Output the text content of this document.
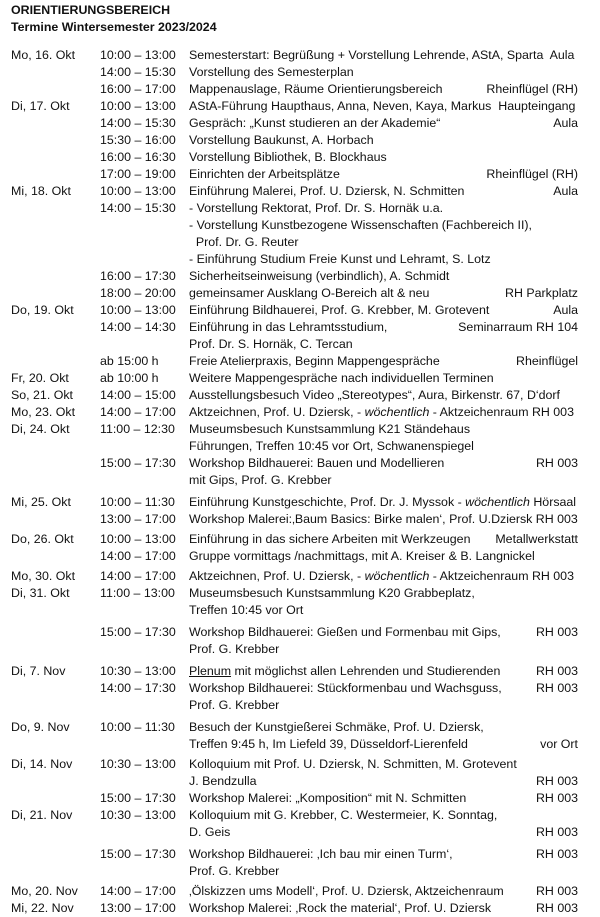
ORIENTIERUNGSBEREICH
Termine Wintersemester 2023/2024
Mo, 16. Okt	10:00 – 13:00	Semesterstart: Begrüßung + Vorstellung Lehrende, AStA, Sparta  Aula
14:00 – 15:30	Vorstellung des Semesterplan
16:00 – 17:00	Mappenauslage, Räume Orientierungsbereich	Rheinflügel (RH)
Di, 17. Okt	10:00 – 13:00	AStA-Führung Haupthaus, Anna, Neven, Kaya, Markus  Haupteingang
14:00 – 15:30	Gespräch: „Kunst studieren an der Akademie“	Aula
15:30 – 16:00	Vorstellung Baukunst, A. Horbach
16:00 – 16:30	Vorstellung Bibliothek, B. Blockhaus
17:00 – 19:00	Einrichten der Arbeitsplätze	Rheinflügel (RH)
Mi, 18. Okt	10:00 – 13:00	Einführung Malerei, Prof. U. Dziersk, N. Schmitten	Aula
14:00 – 15:30	- Vorstellung Rektorat, Prof. Dr. S. Hornäk u.a.
- Vorstellung Kunstbezogene Wissenschaften (Fachbereich II),
Prof. Dr. G. Reuter
- Einführung Studium Freie Kunst und Lehramt, S. Lotz
16:00 – 17:30	Sicherheitseinweisung (verbindlich), A. Schmidt
18:00 – 20:00	gemeinsamer Ausklang O-Bereich alt & neu	RH Parkplatz
Do, 19. Okt	10:00 – 13:00	Einführung Bildhauerei, Prof. G. Krebber, M. Grotevent	Aula
14:00 – 14:30	Einführung in das Lehramtsstudium,	Seminarraum RH 104
Prof. Dr. S. Hornäk, C. Tercan
ab 15:00 h	Freie Atelierpraxis, Beginn Mappengespräche	Rheinflügel
Fr, 20. Okt	ab 10:00 h	Weitere Mappengespräche nach individuellen Terminen
So, 21. Okt	14:00 – 15:00	Ausstellungsbesuch Video „Stereotypes“, Aura, Birkenstr. 67, D‘dorf
Mo, 23. Okt	14:00 – 17:00	Aktzeichnen, Prof. U. Dziersk, - wöchentlich - Aktzeichenraum RH 003
Di, 24. Okt	11:00 – 12:30	Museumsbesuch Kunstsammlung K21 Ständehaus
Führungen, Treffen 10:45 vor Ort, Schwanenspiegel
15:00 – 17:30	Workshop Bildhauerei: Bauen und Modellieren	RH 003
mit Gips, Prof. G. Krebber
Mi, 25. Okt	10:00 – 11:30	Einführung Kunstgeschichte, Prof. Dr. J. Myssok - wöchentlich Hörsaal
13:00 – 17:00	Workshop Malerei:‚Baum Basics: Birke malen‘, Prof. U.Dziersk RH 003
Do, 26. Okt	10:00 – 13:00	Einführung in das sichere Arbeiten mit Werkzeugen	Metallwerkstatt
14:00 – 17:00	Gruppe vormittags /nachmittags, mit A. Kreiser & B. Langnickel
Mo, 30. Okt	14:00 – 17:00	Aktzeichnen, Prof. U. Dziersk, - wöchentlich - Aktzeichenraum RH 003
Di, 31. Okt	11:00 – 13:00	Museumsbesuch Kunstsammlung K20 Grabbeplatz,
Treffen 10:45 vor Ort
15:00 – 17:30	Workshop Bildhauerei: Gießen und Formenbau mit Gips,	RH 003
Prof. G. Krebber
Di, 7. Nov	10:30 – 13:00	Plenum mit möglichst allen Lehrenden und Studierenden	RH 003
14:00 – 17:30	Workshop Bildhauerei: Stückformenbau und Wachsguss,	RH 003
Prof. G. Krebber
Do, 9. Nov	10:00 – 11:30	Besuch der Kunstgießerei Schmäke, Prof. U. Dziersk,
Treffen 9:45 h, Im Liefeld 39, Düsseldorf-Lierenfeld	vor Ort
Di, 14. Nov	10:30 – 13:00	Kolloquium mit Prof. U. Dziersk, N. Schmitten, M. Grotevent
J. Bendzulla	RH 003
15:00 – 17:30	Workshop Malerei: „Komposition“ mit N. Schmitten	RH 003
Di, 21. Nov	10:30 – 13:00	Kolloquium mit G. Krebber, C. Westermeier, K. Sonntag,
D. Geis	RH 003
15:00 – 17:30	Workshop Bildhauerei: ‚Ich bau mir einen Turm‘,	RH 003
Prof. G. Krebber
Mo, 20. Nov	14:00 – 17:00	‚Ölskizzen ums Modell‘, Prof. U. Dziersk, Aktzeichenraum	RH 003
Mi, 22. Nov	13:00 – 17:00	Workshop Malerei: ‚Rock the material‘, Prof. U. Dziersk	RH 003
